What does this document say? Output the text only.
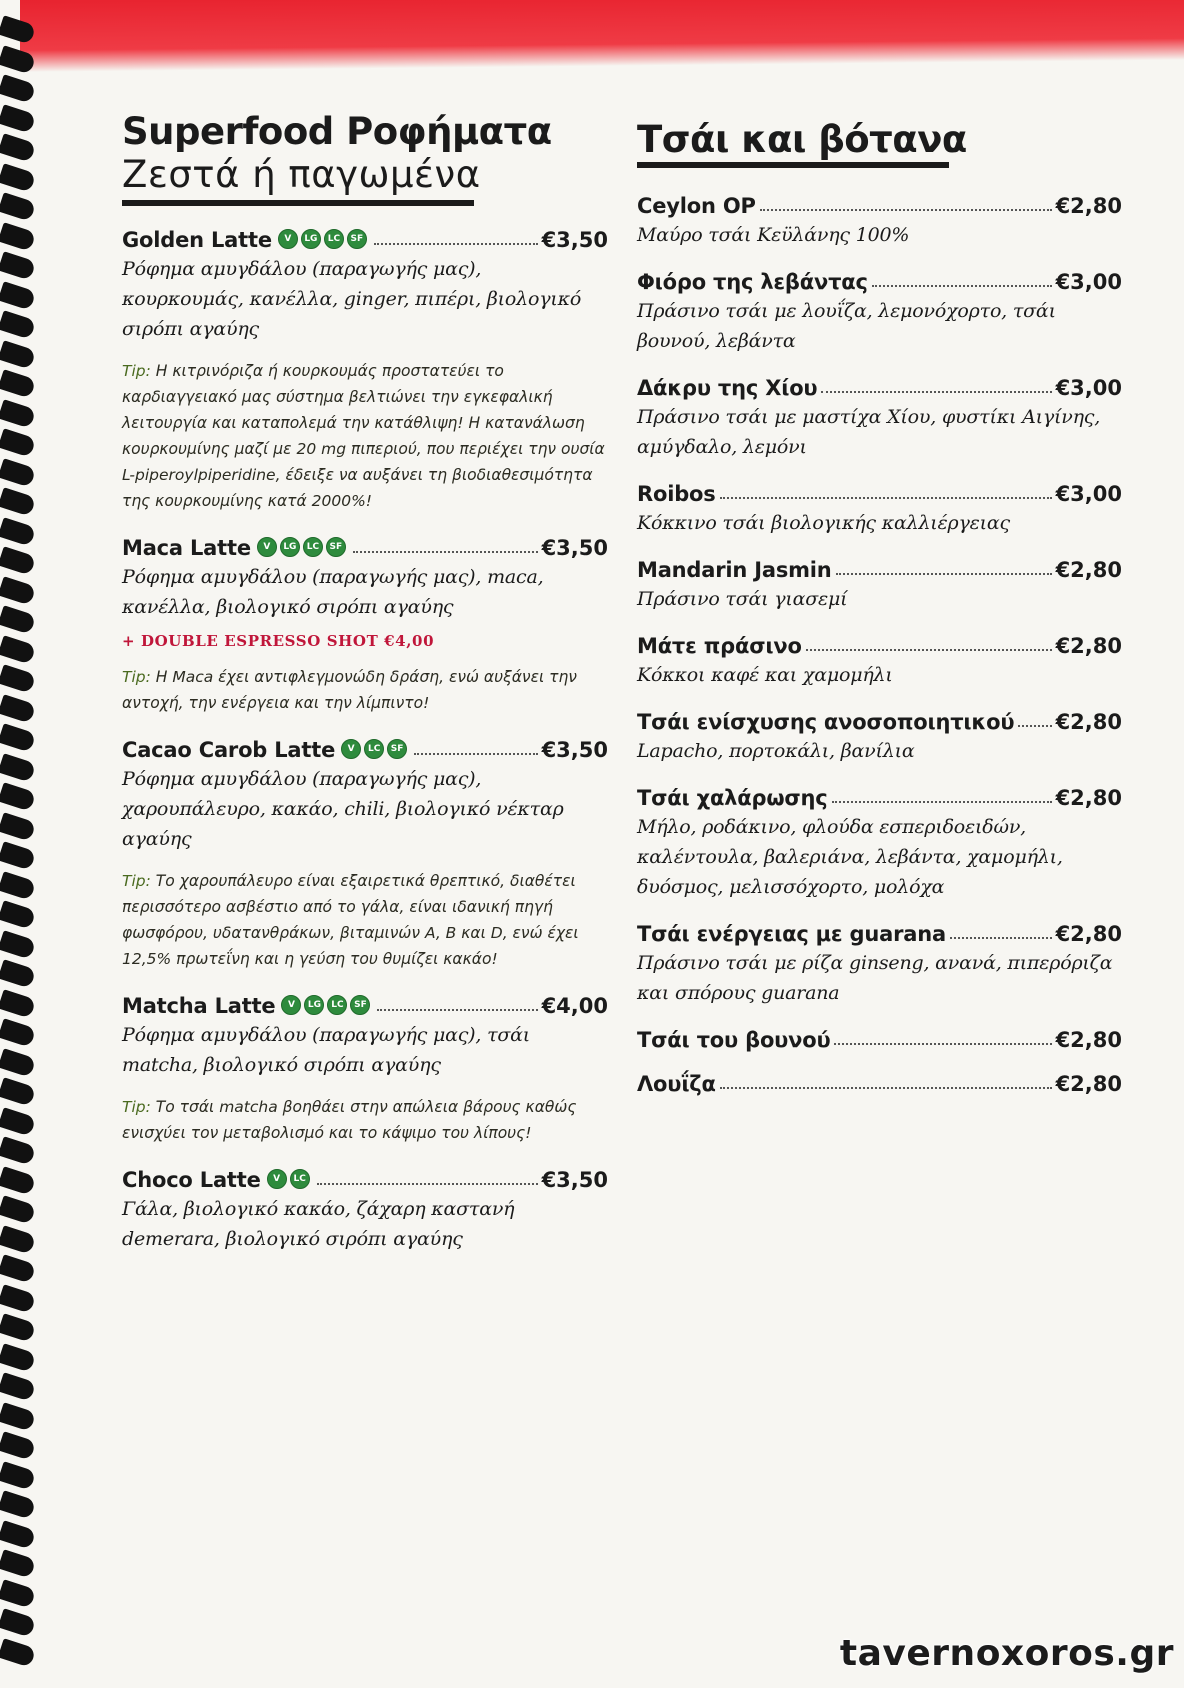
Superfood Ροφήματα
Ζεστά ή παγωμένα
Golden Latte	V	LG	LC	SF	€3,50

Ρόφημα αμυγδάλου (παραγωγής μας), κουρκουμάς, κανέλλα, ginger, πιπέρι, βιολογικό σιρόπι αγαύης

Tip: Η κιτρινόριζα ή κουρκουμάς προστατεύει το καρδιαγγειακό μας σύστημα βελτιώνει την εγκεφαλική λειτουργία και καταπολεμά την κατάθλιψη! Η κατανάλωση κουρκουμίνης μαζί με 20 mg πιπεριού, που περιέχει την ουσία L-piperoylpiperidine, έδειξε να αυξάνει τη βιοδιαθεσιμότητα της κουρκουμίνης κατά 2000%!

Maca Latte	V	LG	LC	SF	€3,50

Ρόφημα αμυγδάλου (παραγωγής μας), maca, κανέλλα, βιολογικό σιρόπι αγαύης

+ DOUBLE ESPRESSO SHOT €4,00

Tip: Η Maca έχει αντιφλεγμονώδη δράση, ενώ αυξάνει την αντοχή, την ενέργεια και την λίμπιντο!

Cacao Carob Latte	V	LC	SF	€3,50

Ρόφημα αμυγδάλου (παραγωγής μας), χαρουπάλευρο, κακάο, chili, βιολογικό νέκταρ αγαύης

Tip: Το χαρουπάλευρο είναι εξαιρετικά θρεπτικό, διαθέτει περισσότερο ασβέστιο από το γάλα, είναι ιδανική πηγή φωσφόρου, υδατανθράκων, βιταμινών A, B και D, ενώ έχει 12,5% πρωτεΐνη και η γεύση του θυμίζει κακάο!

Matcha Latte	V	LG	LC	SF	€4,00

Ρόφημα αμυγδάλου (παραγωγής μας), τσάι matcha, βιολογικό σιρόπι αγαύης

Tip: Το τσάι matcha βοηθάει στην απώλεια βάρους καθώς ενισχύει τον μεταβολισμό και το κάψιμο του λίπους!

Choco Latte	V	LC	€3,50

Γάλα, βιολογικό κακάο, ζάχαρη καστανή demerara, βιολογικό σιρόπι αγαύης

Τσάι και βότανα
Ceylon OP	€2,80

Μαύρο τσάι Κεϋλάνης 100%

Φιόρο της λεβάντας	€3,00

Πράσινο τσάι με λουΐζα, λεμονόχορτο, τσάι βουνού, λεβάντα

Δάκρυ της Χίου	€3,00

Πράσινο τσάι με μαστίχα Χίου, φυστίκι Αιγίνης, αμύγδαλο, λεμόνι

Roibos	€3,00

Κόκκινο τσάι βιολογικής καλλιέργειας

Mandarin Jasmin	€2,80

Πράσινο τσάι γιασεμί

Μάτε πράσινο	€2,80

Κόκκοι καφέ και χαμομήλι

Τσάι ενίσχυσης ανοσοποιητικού €2,80

Lapacho, πορτοκάλι, βανίλια

Τσάι χαλάρωσης	€2,80

Μήλο, ροδάκινο, φλούδα εσπεριδοειδών, καλέντουλα, βαλεριάνα, λεβάντα, χαμομήλι, δυόσμος, μελισσόχορτο, μολόχα

Τσάι ενέργειας με guarana	€2,80

Πράσινο τσάι με ρίζα ginseng, ανανά, πιπερόριζα και σπόρους guarana

Τσάι του βουνού	€2,80
Λουΐζα	€2,80
tavernoxoros.gr
